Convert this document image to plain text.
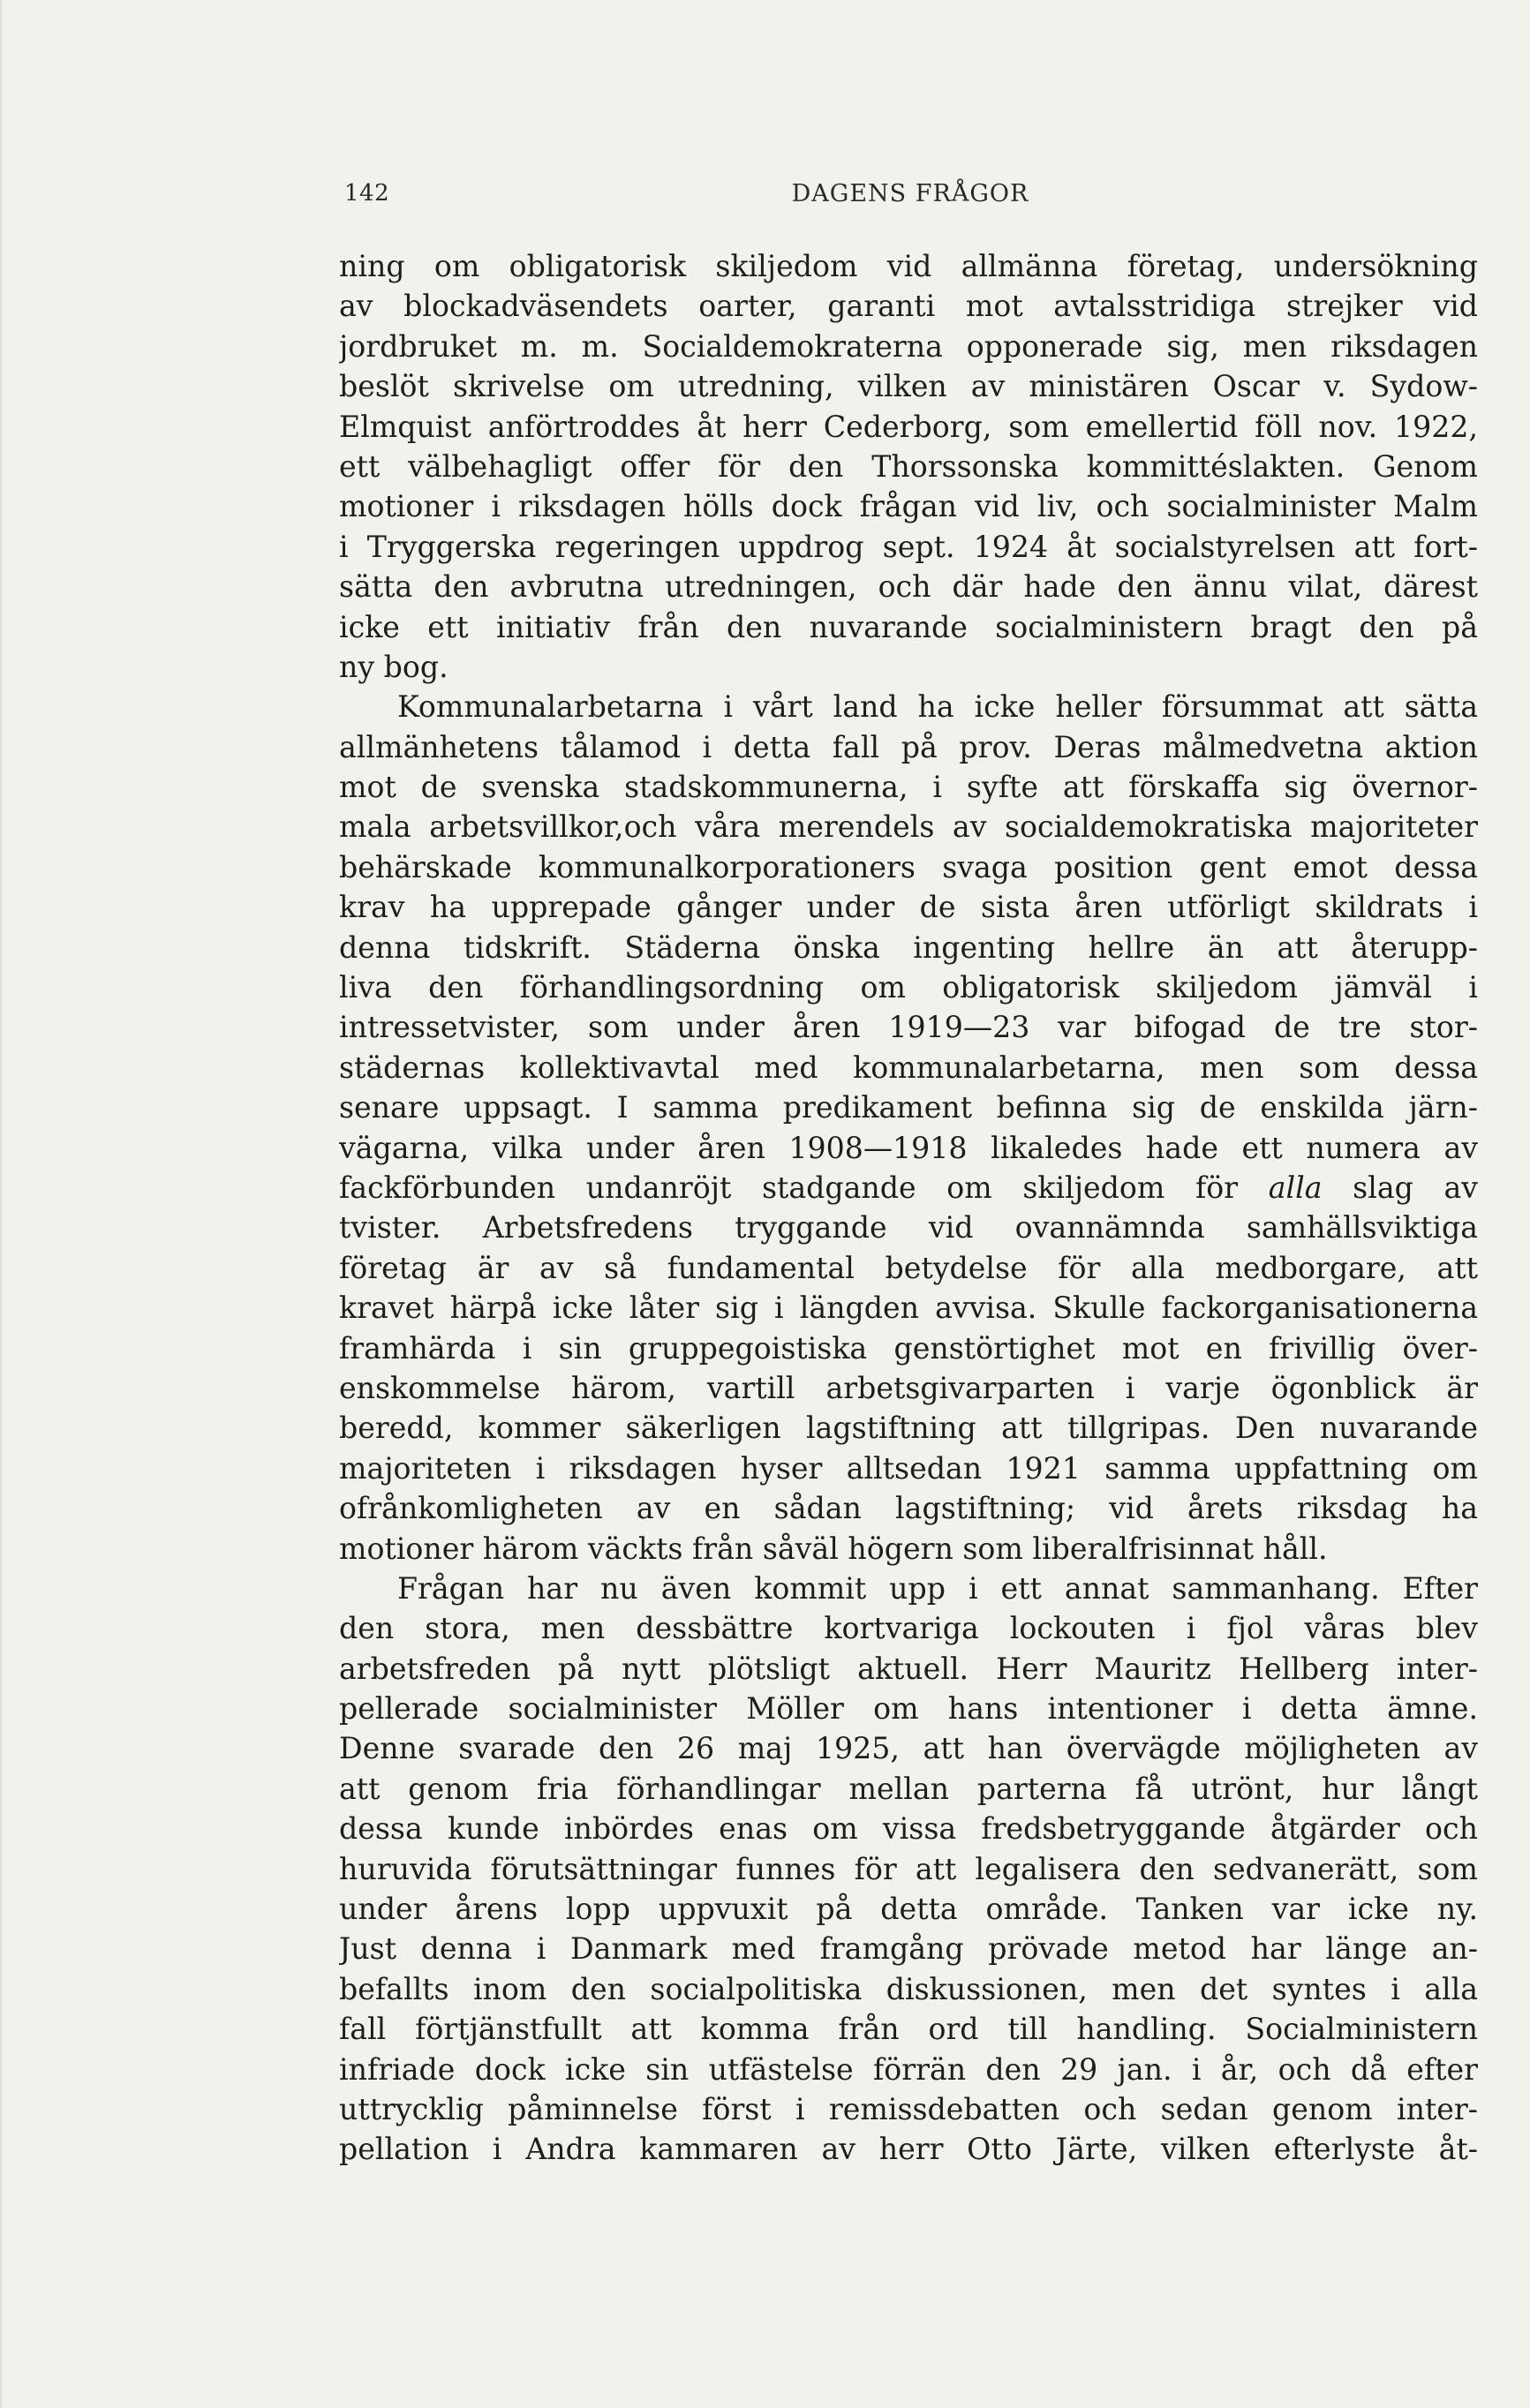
142	DAGENS FRÅGOR
ning om obligatorisk skiljedom vid allmänna företag, undersökning
av blockadväsendets oarter, garanti mot avtalsstridiga strejker vid
jordbruket m. m. Socialdemokraterna opponerade sig, men riksdagen
beslöt skrivelse om utredning, vilken av ministären Oscar v. Sydow-
Elmquist anförtroddes åt herr Cederborg, som emellertid föll nov. 1922,
ett välbehagligt offer för den Thorssonska kommittéslakten. Genom
motioner i riksdagen hölls dock frågan vid liv, och socialminister Malm
i Tryggerska regeringen uppdrog sept. 1924 åt socialstyrelsen att fort-
sätta den avbrutna utredningen, och där hade den ännu vilat, därest
icke ett initiativ från den nuvarande socialministern bragt den på
ny bog.
Kommunalarbetarna i vårt land ha icke heller försummat att sätta
allmänhetens tålamod i detta fall på prov. Deras målmedvetna aktion
mot de svenska stadskommunerna, i syfte att förskaffa sig övernor-
mala arbetsvillkor,och våra merendels av socialdemokratiska majoriteter
behärskade kommunalkorporationers svaga position gent emot dessa
krav ha upprepade gånger under de sista åren utförligt skildrats i
denna tidskrift. Städerna önska ingenting hellre än att återupp-
liva den förhandlingsordning om obligatorisk skiljedom jämväl i
intressetvister, som under åren 1919—23 var bifogad de tre stor-
städernas kollektivavtal med kommunalarbetarna, men som dessa
senare uppsagt. I samma predikament befinna sig de enskilda järn-
vägarna, vilka under åren 1908—1918 likaledes hade ett numera av
fackförbunden undanröjt stadgande om skiljedom för alla slag av
tvister. Arbetsfredens tryggande vid ovannämnda samhällsviktiga
företag är av så fundamental betydelse för alla medborgare, att
kravet härpå icke låter sig i längden avvisa. Skulle fackorganisationerna
framhärda i sin gruppegoistiska genstörtighet mot en frivillig över-
enskommelse härom, vartill arbetsgivarparten i varje ögonblick är
beredd, kommer säkerligen lagstiftning att tillgripas. Den nuvarande
majoriteten i riksdagen hyser alltsedan 1921 samma uppfattning om
ofrånkomligheten av en sådan lagstiftning; vid årets riksdag ha
motioner härom väckts från såväl högern som liberalfrisinnat håll.
Frågan har nu även kommit upp i ett annat sammanhang. Efter
den stora, men dessbättre kortvariga lockouten i fjol våras blev
arbetsfreden på nytt plötsligt aktuell. Herr Mauritz Hellberg inter-
pellerade socialminister Möller om hans intentioner i detta ämne.
Denne svarade den 26 maj 1925, att han övervägde möjligheten av
att genom fria förhandlingar mellan parterna få utrönt, hur långt
dessa kunde inbördes enas om vissa fredsbetryggande åtgärder och
huruvida förutsättningar funnes för att legalisera den sedvanerätt, som
under årens lopp uppvuxit på detta område. Tanken var icke ny.
Just denna i Danmark med framgång prövade metod har länge an-
befallts inom den socialpolitiska diskussionen, men det syntes i alla
fall förtjänstfullt att komma från ord till handling. Socialministern
infriade dock icke sin utfästelse förrän den 29 jan. i år, och då efter
uttrycklig påminnelse först i remissdebatten och sedan genom inter-
pellation i Andra kammaren av herr Otto Järte, vilken efterlyste åt-
